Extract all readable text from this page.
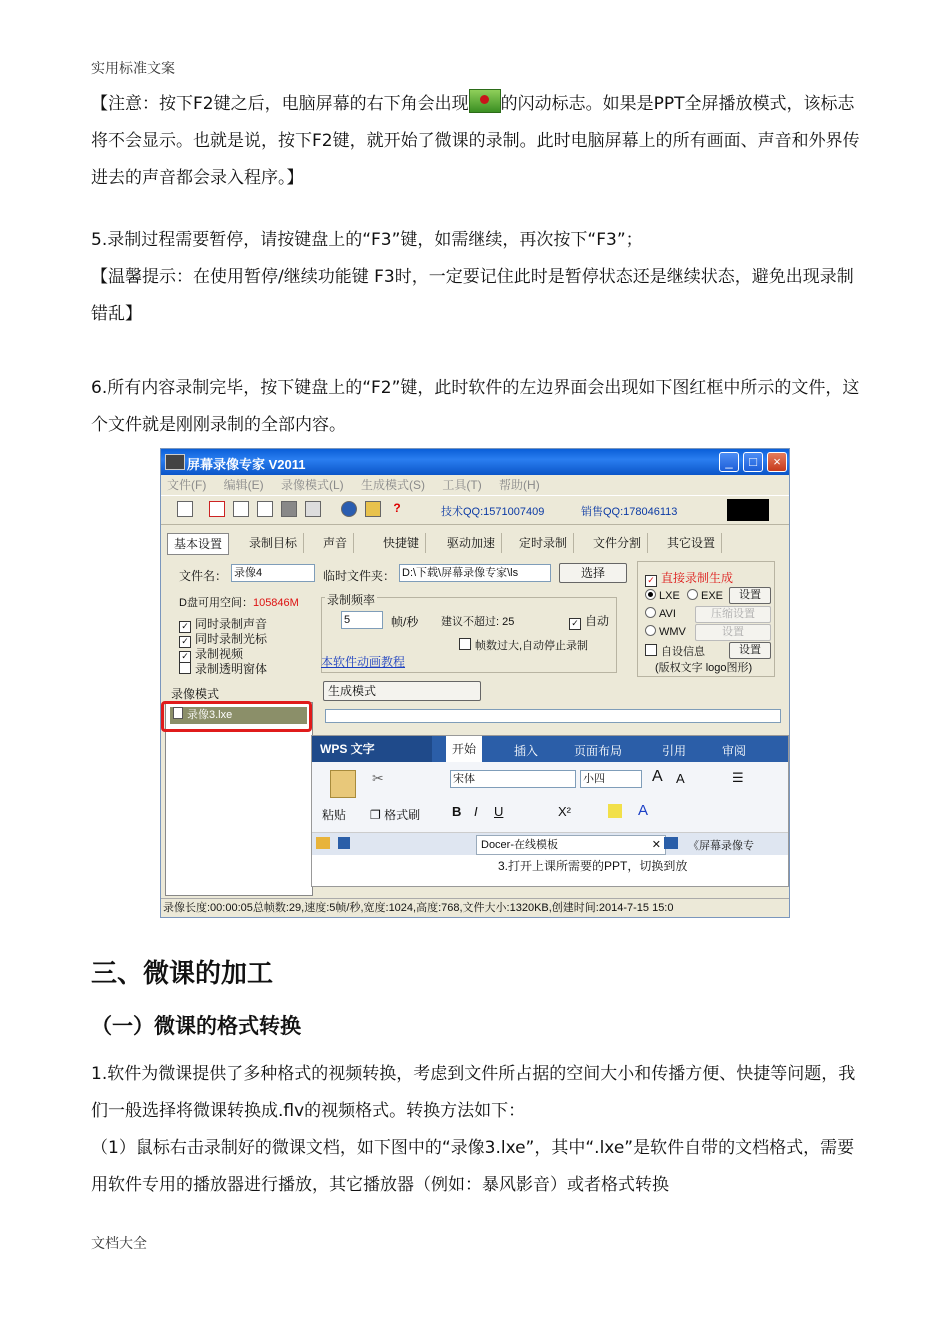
实用标准文案

【注意：按下F2键之后，电脑屏幕的右下角会出现 的闪动标志。如果是PPT全屏播放模式，该标志将不会显示。也就是说，按下F2键，就开始了微课的录制。此时电脑屏幕上的所有画面、声音和外界传进去的声音都会录入程序。】

5.录制过程需要暂停，请按键盘上的“F3”键，如需继续，再次按下“F3”；

【温馨提示：在使用暂停/继续功能键 F3时，一定要记住此时是暂停状态还是继续状态，避免出现录制错乱】

6.所有内容录制完毕，按下键盘上的“F2”键，此时软件的左边界面会出现如下图红框中所示的文件，这个文件就是刚刚录制的全部内容。

屏幕录像专家 V2011	_	□	×
文件(F) 编辑(E) 录像模式(L) 生成模式(S) 工具(T) 帮助(H)
?	技术QQ:1571007409	销售QQ:178046113
基本设置	录制目标	声音	快捷键	驱动加速	定时录制	文件分割	其它设置
文件名： 录像4	临时文件夹： D:\下载\屏幕录像专家\ls	选择
D盘可用空间：105846M
✓ 同时录制声音
✓ 同时录制光标
✓ 录制视频
录制透明窗体
录制频率
5	帧/秒 建议不超过: 25	✓ 自动
帧数过大,自动停止录制
本软件动画教程
✓ 直接录制生成
LXE	EXE	设置
AVI	压缩设置
WMV	设置
自设信息	设置
(版权文字 logo图形)
录像模式	生成模式
录像3.lxe
WPS 文字	开始	插入	页面布局	引用	审阅
粘贴
✂
❐ 格式刷
宋体	小四	A A
B I U	X²	A
☰
Docer-在线模板	✕ 《屏幕录像专
3.打开上课所需要的PPT，切换到放
录像长度:00:00:05总帧数:29,速度:5帧/秒,宽度:1024,高度:768,文件大小:1320KB,创建时间:2014-7-15 15:0
三、微课的加工
（一）微课的格式转换

1.软件为微课提供了多种格式的视频转换，考虑到文件所占据的空间大小和传播方便、快捷等问题，我们一般选择将微课转换成.flv的视频格式。转换方法如下：

（1）鼠标右击录制好的微课文档，如下图中的“录像3.lxe”，其中“.lxe”是软件自带的文档格式，需要用软件专用的播放器进行播放，其它播放器（例如：暴风影音）或者格式转换

文档大全
